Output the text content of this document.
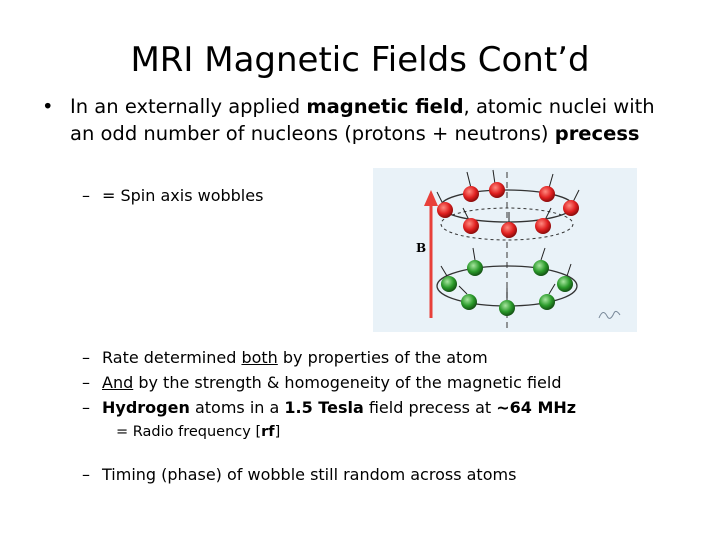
MRI Magnetic Fields Cont’d
• In an externally applied magnetic field, atomic nuclei with an odd number of nucleons (protons + neutrons) precess
– = Spin axis wobbles
B
– Rate determined both by properties of the atom
– And by the strength & homogeneity of the magnetic field
– Hydrogen atoms in a 1.5 Tesla field precess at ~64 MHz
= Radio frequency [rf]
– Timing (phase) of wobble still random across atoms
